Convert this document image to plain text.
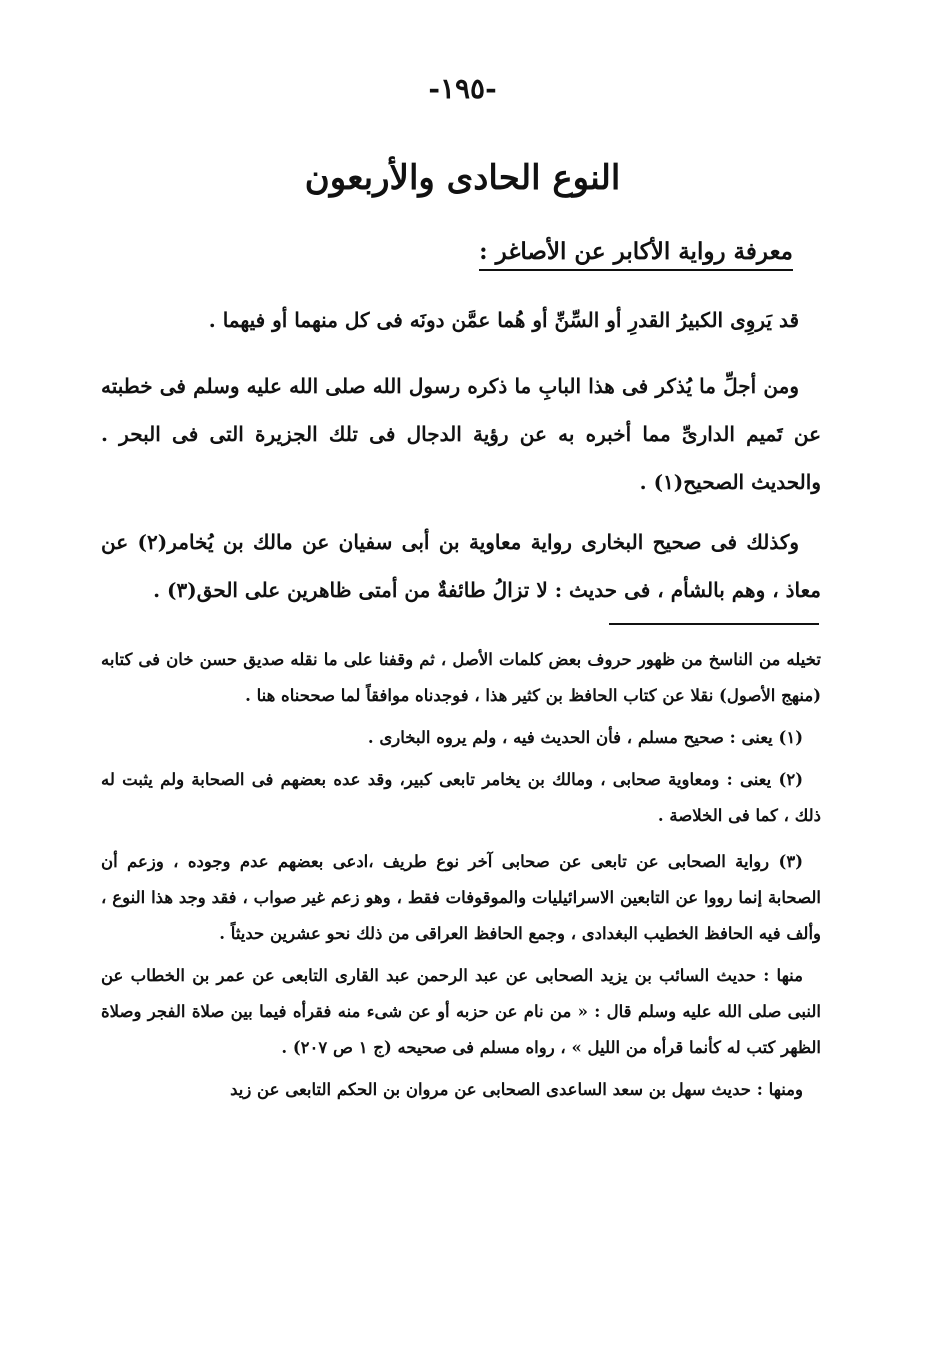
-١٩٥-
النوع الحادى والأربعون
معرفة رواية الأكابر عن الأصاغر :

قد يَروِى الكبيرُ القدرِ أو السِّنِّ أو هُما عمَّن دونَه فى كل منهما أو فيهما .

ومن أجلِّ ما يُذكر فى هذا البابِ ما ذكره رسول الله صلى الله عليه وسلم فى خطبته عن تَميم الدارىِّ مما أخبره به عن رؤية الدجال فى تلك الجزيرة التى فى البحر . والحديث الصحيح(١) .

وكذلك فى صحيح البخارى رواية معاوية بن أبى سفيان عن مالك بن يُخامر(٢) عن معاذ ، وهم بالشأم ، فى حديث : لا تزالُ طائفةٌ من أمتى ظاهرين على الحق(٣) .

تخيله من الناسخ من ظهور حروف بعض كلمات الأصل ، ثم وقفنا على ما نقله صديق حسن خان فى كتابه (منهج الأصول) نقلا عن كتاب الحافظ بن كثير هذا ، فوجدناه موافقاً لما صححناه هنا .

(١) يعنى : صحيح مسلم ، فأن الحديث فيه ، ولم يروه البخارى .

(٢) يعنى : ومعاوية صحابى ، ومالك بن يخامر تابعى كبير، وقد عده بعضهم فى الصحابة ولم يثبت له ذلك ، كما فى الخلاصة .

(٣) رواية الصحابى عن تابعى عن صحابى آخر نوع طريف ،ادعى بعضهم عدم وجوده ، وزعم أن الصحابة إنما رووا عن التابعين الاسرائيليات والموقوفات فقط ، وهو زعم غير صواب ، فقد وجد هذا النوع ، وألف فيه الحافظ الخطيب البغدادى ، وجمع الحافظ العراقى من ذلك نحو عشرين حديثاً .

منها : حديث السائب بن يزيد الصحابى عن عبد الرحمن عبد القارى التابعى عن عمر بن الخطاب عن النبى صلى الله عليه وسلم قال : « من نام عن حزبه أو عن شىء منه فقرأه فيما بين صلاة الفجر وصلاة الظهر كتب له كأنما قرأه من الليل » ، رواه مسلم فى صحيحه (ج ١ ص ٢٠٧) .

ومنها : حديث سهل بن سعد الساعدى الصحابى عن مروان بن الحكم التابعى عن زيد
